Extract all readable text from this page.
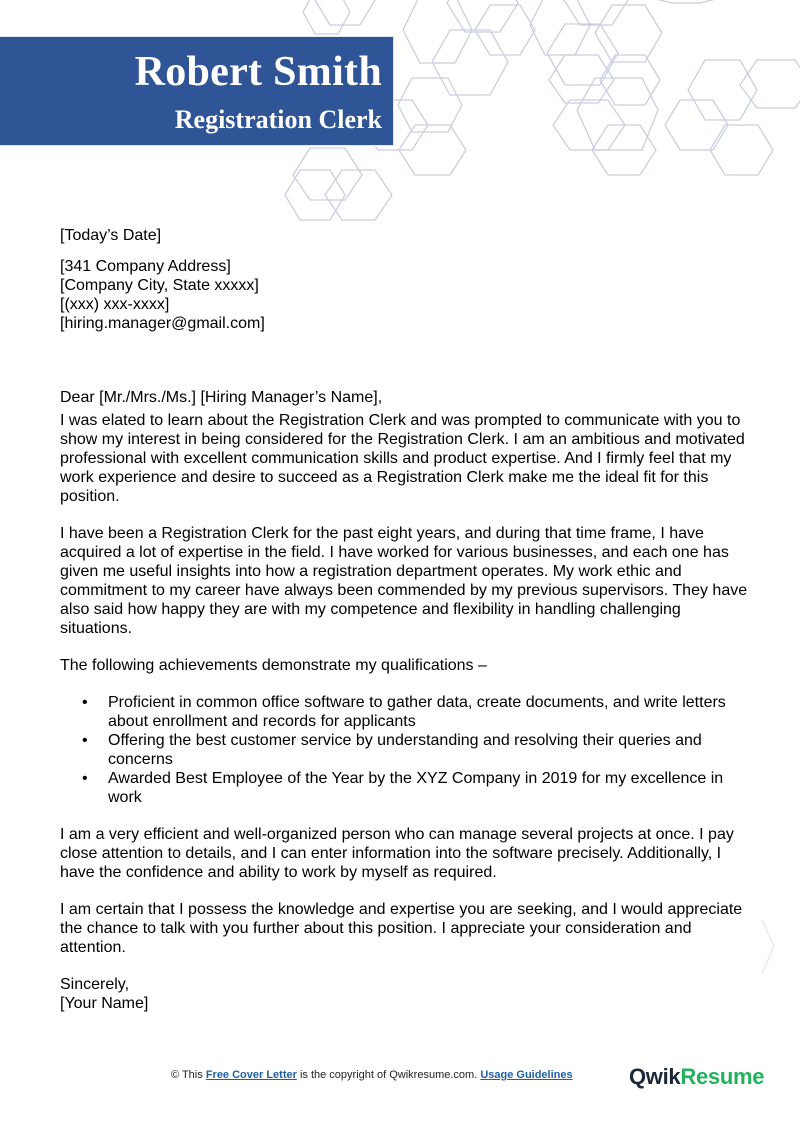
Robert Smith
Registration Clerk

[Today’s Date]

[341 Company Address]
[Company City, State xxxxx]
[(xxx) xxx-xxxx]
[hiring.manager@gmail.com]

Dear [Mr./Mrs./Ms.] [Hiring Manager’s Name],

I was elated to learn about the Registration Clerk and was prompted to communicate with you to show my interest in being considered for the Registration Clerk. I am an ambitious and motivated professional with excellent communication skills and product expertise. And I firmly feel that my work experience and desire to succeed as a Registration Clerk make me the ideal fit for this position.

I have been a Registration Clerk for the past eight years, and during that time frame, I have acquired a lot of expertise in the field. I have worked for various businesses, and each one has given me useful insights into how a registration department operates. My work ethic and commitment to my career have always been commended by my previous supervisors. They have also said how happy they are with my competence and flexibility in handling challenging situations.

The following achievements demonstrate my qualifications –

• Proficient in common office software to gather data, create documents, and write letters about enrollment and records for applicants
• Offering the best customer service by understanding and resolving their queries and concerns
• Awarded Best Employee of the Year by the XYZ Company in 2019 for my excellence in work

I am a very efficient and well-organized person who can manage several projects at once. I pay close attention to details, and I can enter information into the software precisely. Additionally, I have the confidence and ability to work by myself as required.

I am certain that I possess the knowledge and expertise you are seeking, and I would appreciate the chance to talk with you further about this position. I appreciate your consideration and attention.

Sincerely,

[Your Name]

© This Free Cover Letter is the copyright of Qwikresume.com. Usage Guidelines	QwikResume
